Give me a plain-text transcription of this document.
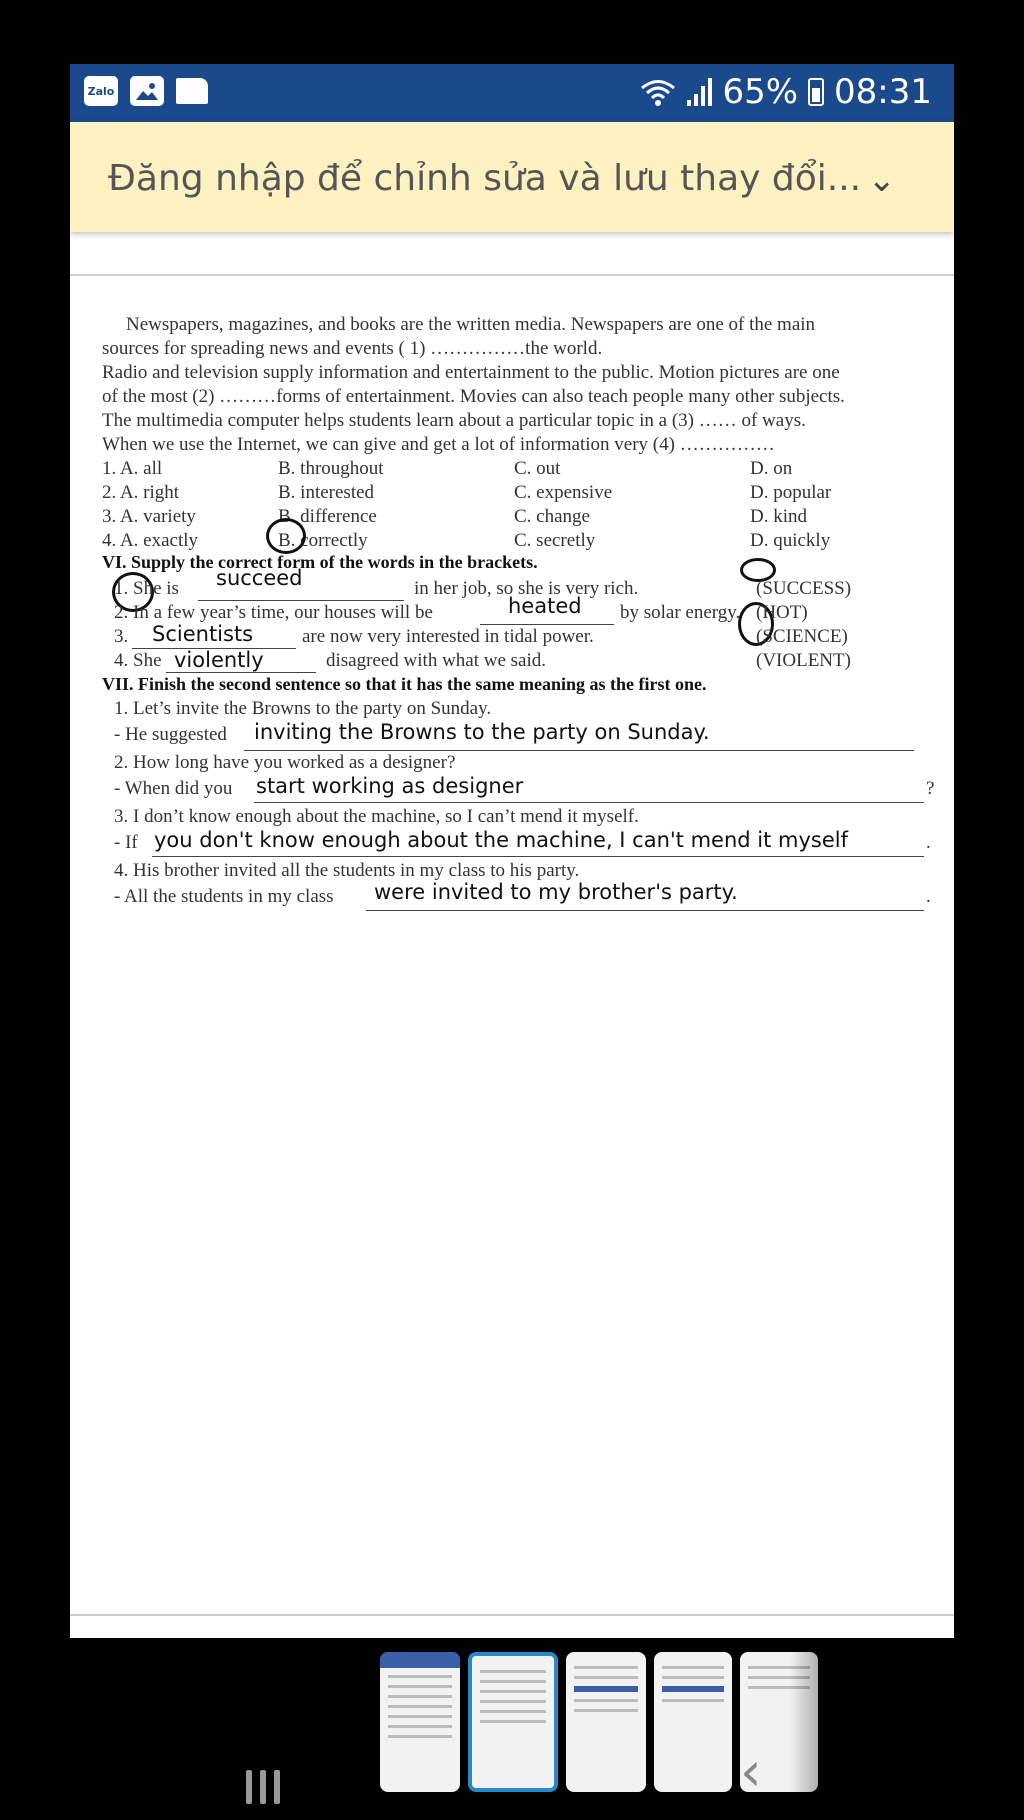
Newspapers, magazines, and books are the written media. Newspapers are one of the main
sources for spreading news and events ( 1) ……………the world.
Radio and television supply information and entertainment to the public. Motion pictures are one
of the most (2) ………forms of entertainment. Movies can also teach people many other subjects.
The multimedia computer helps students learn about a particular topic in a (3) …… of ways.
When we use the Internet, we can give and get a lot of information very (4) ……………
1. A. all	B. throughout	C. out	D. on
2. A. right	B. interested	C. expensive	D. popular
3. A. variety	B. difference	C. change	D. kind
4. A. exactly	B. correctly	C. secretly	D. quickly
VI. Supply the correct form of the words in the brackets.
1. She is succeed	in her job, so she is very rich.	(SUCCESS)
2. In a few year’s time, our houses will be	heated by solar energy. (HOT)
3. Scientists	are now very interested in tidal power.	(SCIENCE)
4. She violently	disagreed with what we said.	(VIOLENT)
VII. Finish the second sentence so that it has the same meaning as the first one.
1. Let’s invite the Browns to the party on Sunday.
- He suggested inviting the Browns to the party on Sunday.
2. How long have you worked as a designer?
- When did you start working as designer	?
3. I don’t know enough about the machine, so I can’t mend it myself.
- If you don't know enough about the machine, I can't mend it myself	.
4. His brother invited all the students in my class to his party.
- All the students in my class were invited to my brother's party.	.
Zalo	65% 08:31
Đăng nhập để chỉnh sửa và lưu thay đổi... ⌄
‹
